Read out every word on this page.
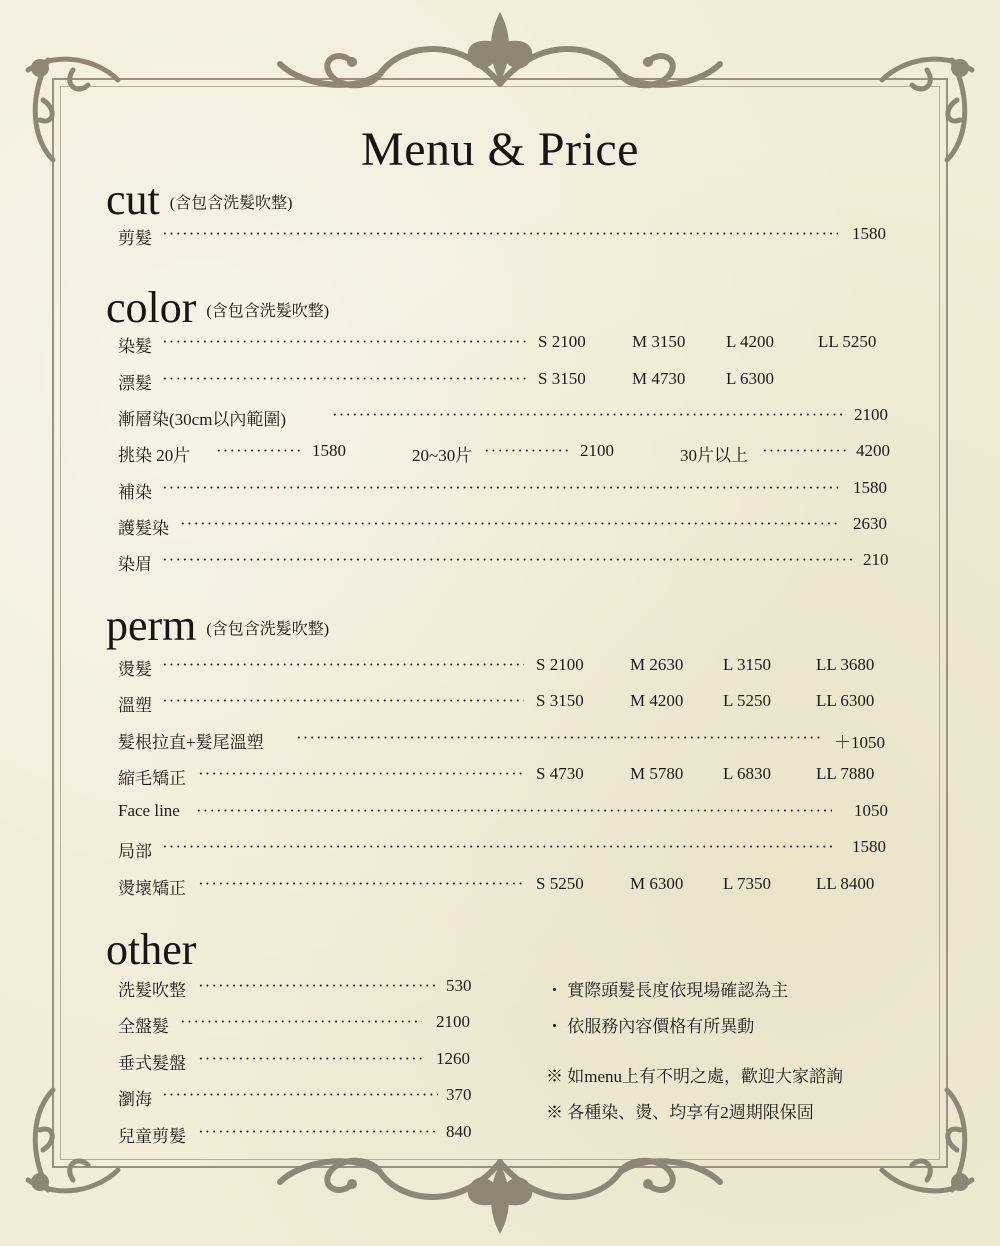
Menu & Price
cut (含包含洗髮吹整)
剪髮 ·····	1580
color (含包含洗髮吹整)
染髮 ·····	S 2100	M 3150 L 4200	LL 5250
漂髮 ·····	S 3150	M 4730 L 6300
漸層染(30cm以內範圍) ·····	2100
挑染 20片 ·····	1580	20~30片 ·····	2100	30片以上 ·····	4200
補染 ·····	1580
護髮染 ·····	2630
染眉 ·····	210
perm (含包含洗髮吹整)
燙髮 ·····	S 2100	M 2630 L 3150	LL 3680
溫塑 ·····	S 3150	M 4200 L 5250	LL 6300
髮根拉直+髮尾溫塑 ·····	＋1050
縮毛矯正 ·····	S 4730	M 5780 L 6830	LL 7880
Face line ·····	1050
局部 ·····	1580
燙壞矯正 ·····	S 5250	M 6300 L 7350	LL 8400
other
洗髮吹整 ·····	530
全盤髮 ·····	2100
垂式髮盤 ·····	1260
瀏海 ·····	370
兒童剪髮 ·····	840
・ 實際頭髮長度依現場確認為主
・ 依服務內容價格有所異動
※ 如menu上有不明之處，歡迎大家諮詢
※ 各種染、燙、均享有2週期限保固
